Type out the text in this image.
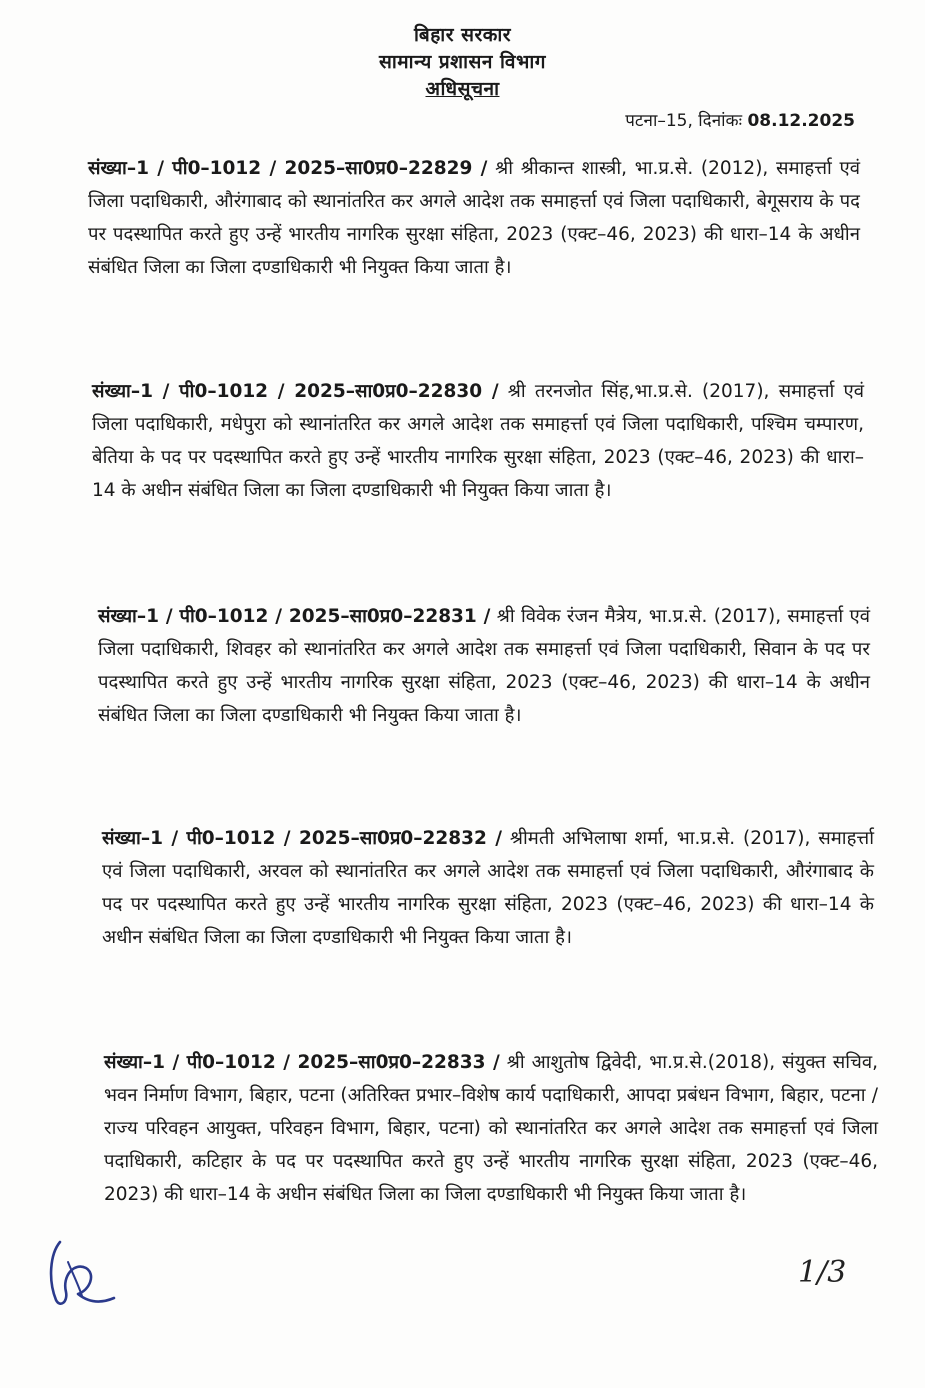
बिहार सरकार
सामान्य प्रशासन विभाग
अधिसूचना
पटना–15, दिनांकः 08.12.2025
संख्या–1 / पी0–1012 / 2025–सा0प्र0–22829 / श्री श्रीकान्त शास्त्री, भा.प्र.से. (2012), समाहर्त्ता एवं जिला पदाधिकारी, औरंगाबाद को स्थानांतरित कर अगले आदेश तक समाहर्त्ता एवं जिला पदाधिकारी, बेगूसराय के पद पर पदस्थापित करते हुए उन्हें भारतीय नागरिक सुरक्षा संहिता, 2023 (एक्ट–46, 2023) की धारा–14 के अधीन संबंधित जिला का जिला दण्डाधिकारी भी नियुक्त किया जाता है।
संख्या–1 / पी0–1012 / 2025–सा0प्र0–22830 / श्री तरनजोत सिंह,भा.प्र.से. (2017), समाहर्त्ता एवं जिला पदाधिकारी, मधेपुरा को स्थानांतरित कर अगले आदेश तक समाहर्त्ता एवं जिला पदाधिकारी, पश्चिम चम्पारण, बेतिया के पद पर पदस्थापित करते हुए उन्हें भारतीय नागरिक सुरक्षा संहिता, 2023 (एक्ट–46, 2023) की धारा–14 के अधीन संबंधित जिला का जिला दण्डाधिकारी भी नियुक्त किया जाता है।
संख्या–1 / पी0–1012 / 2025–सा0प्र0–22831 / श्री विवेक रंजन मैत्रेय, भा.प्र.से. (2017), समाहर्त्ता एवं जिला पदाधिकारी, शिवहर को स्थानांतरित कर अगले आदेश तक समाहर्त्ता एवं जिला पदाधिकारी, सिवान के पद पर पदस्थापित करते हुए उन्हें भारतीय नागरिक सुरक्षा संहिता, 2023 (एक्ट–46, 2023) की धारा–14 के अधीन संबंधित जिला का जिला दण्डाधिकारी भी नियुक्त किया जाता है।
संख्या–1 / पी0–1012 / 2025–सा0प्र0–22832 / श्रीमती अभिलाषा शर्मा, भा.प्र.से. (2017), समाहर्त्ता एवं जिला पदाधिकारी, अरवल को स्थानांतरित कर अगले आदेश तक समाहर्त्ता एवं जिला पदाधिकारी, औरंगाबाद के पद पर पदस्थापित करते हुए उन्हें भारतीय नागरिक सुरक्षा संहिता, 2023 (एक्ट–46, 2023) की धारा–14 के अधीन संबंधित जिला का जिला दण्डाधिकारी भी नियुक्त किया जाता है।
संख्या–1 / पी0–1012 / 2025–सा0प्र0–22833 / श्री आशुतोष द्विवेदी, भा.प्र.से.(2018), संयुक्त सचिव, भवन निर्माण विभाग, बिहार, पटना (अतिरिक्त प्रभार–विशेष कार्य पदाधिकारी, आपदा प्रबंधन विभाग, बिहार, पटना / राज्य परिवहन आयुक्त, परिवहन विभाग, बिहार, पटना) को स्थानांतरित कर अगले आदेश तक समाहर्त्ता एवं जिला पदाधिकारी, कटिहार के पद पर पदस्थापित करते हुए उन्हें भारतीय नागरिक सुरक्षा संहिता, 2023 (एक्ट–46, 2023) की धारा–14 के अधीन संबंधित जिला का जिला दण्डाधिकारी भी नियुक्त किया जाता है।
1/3
